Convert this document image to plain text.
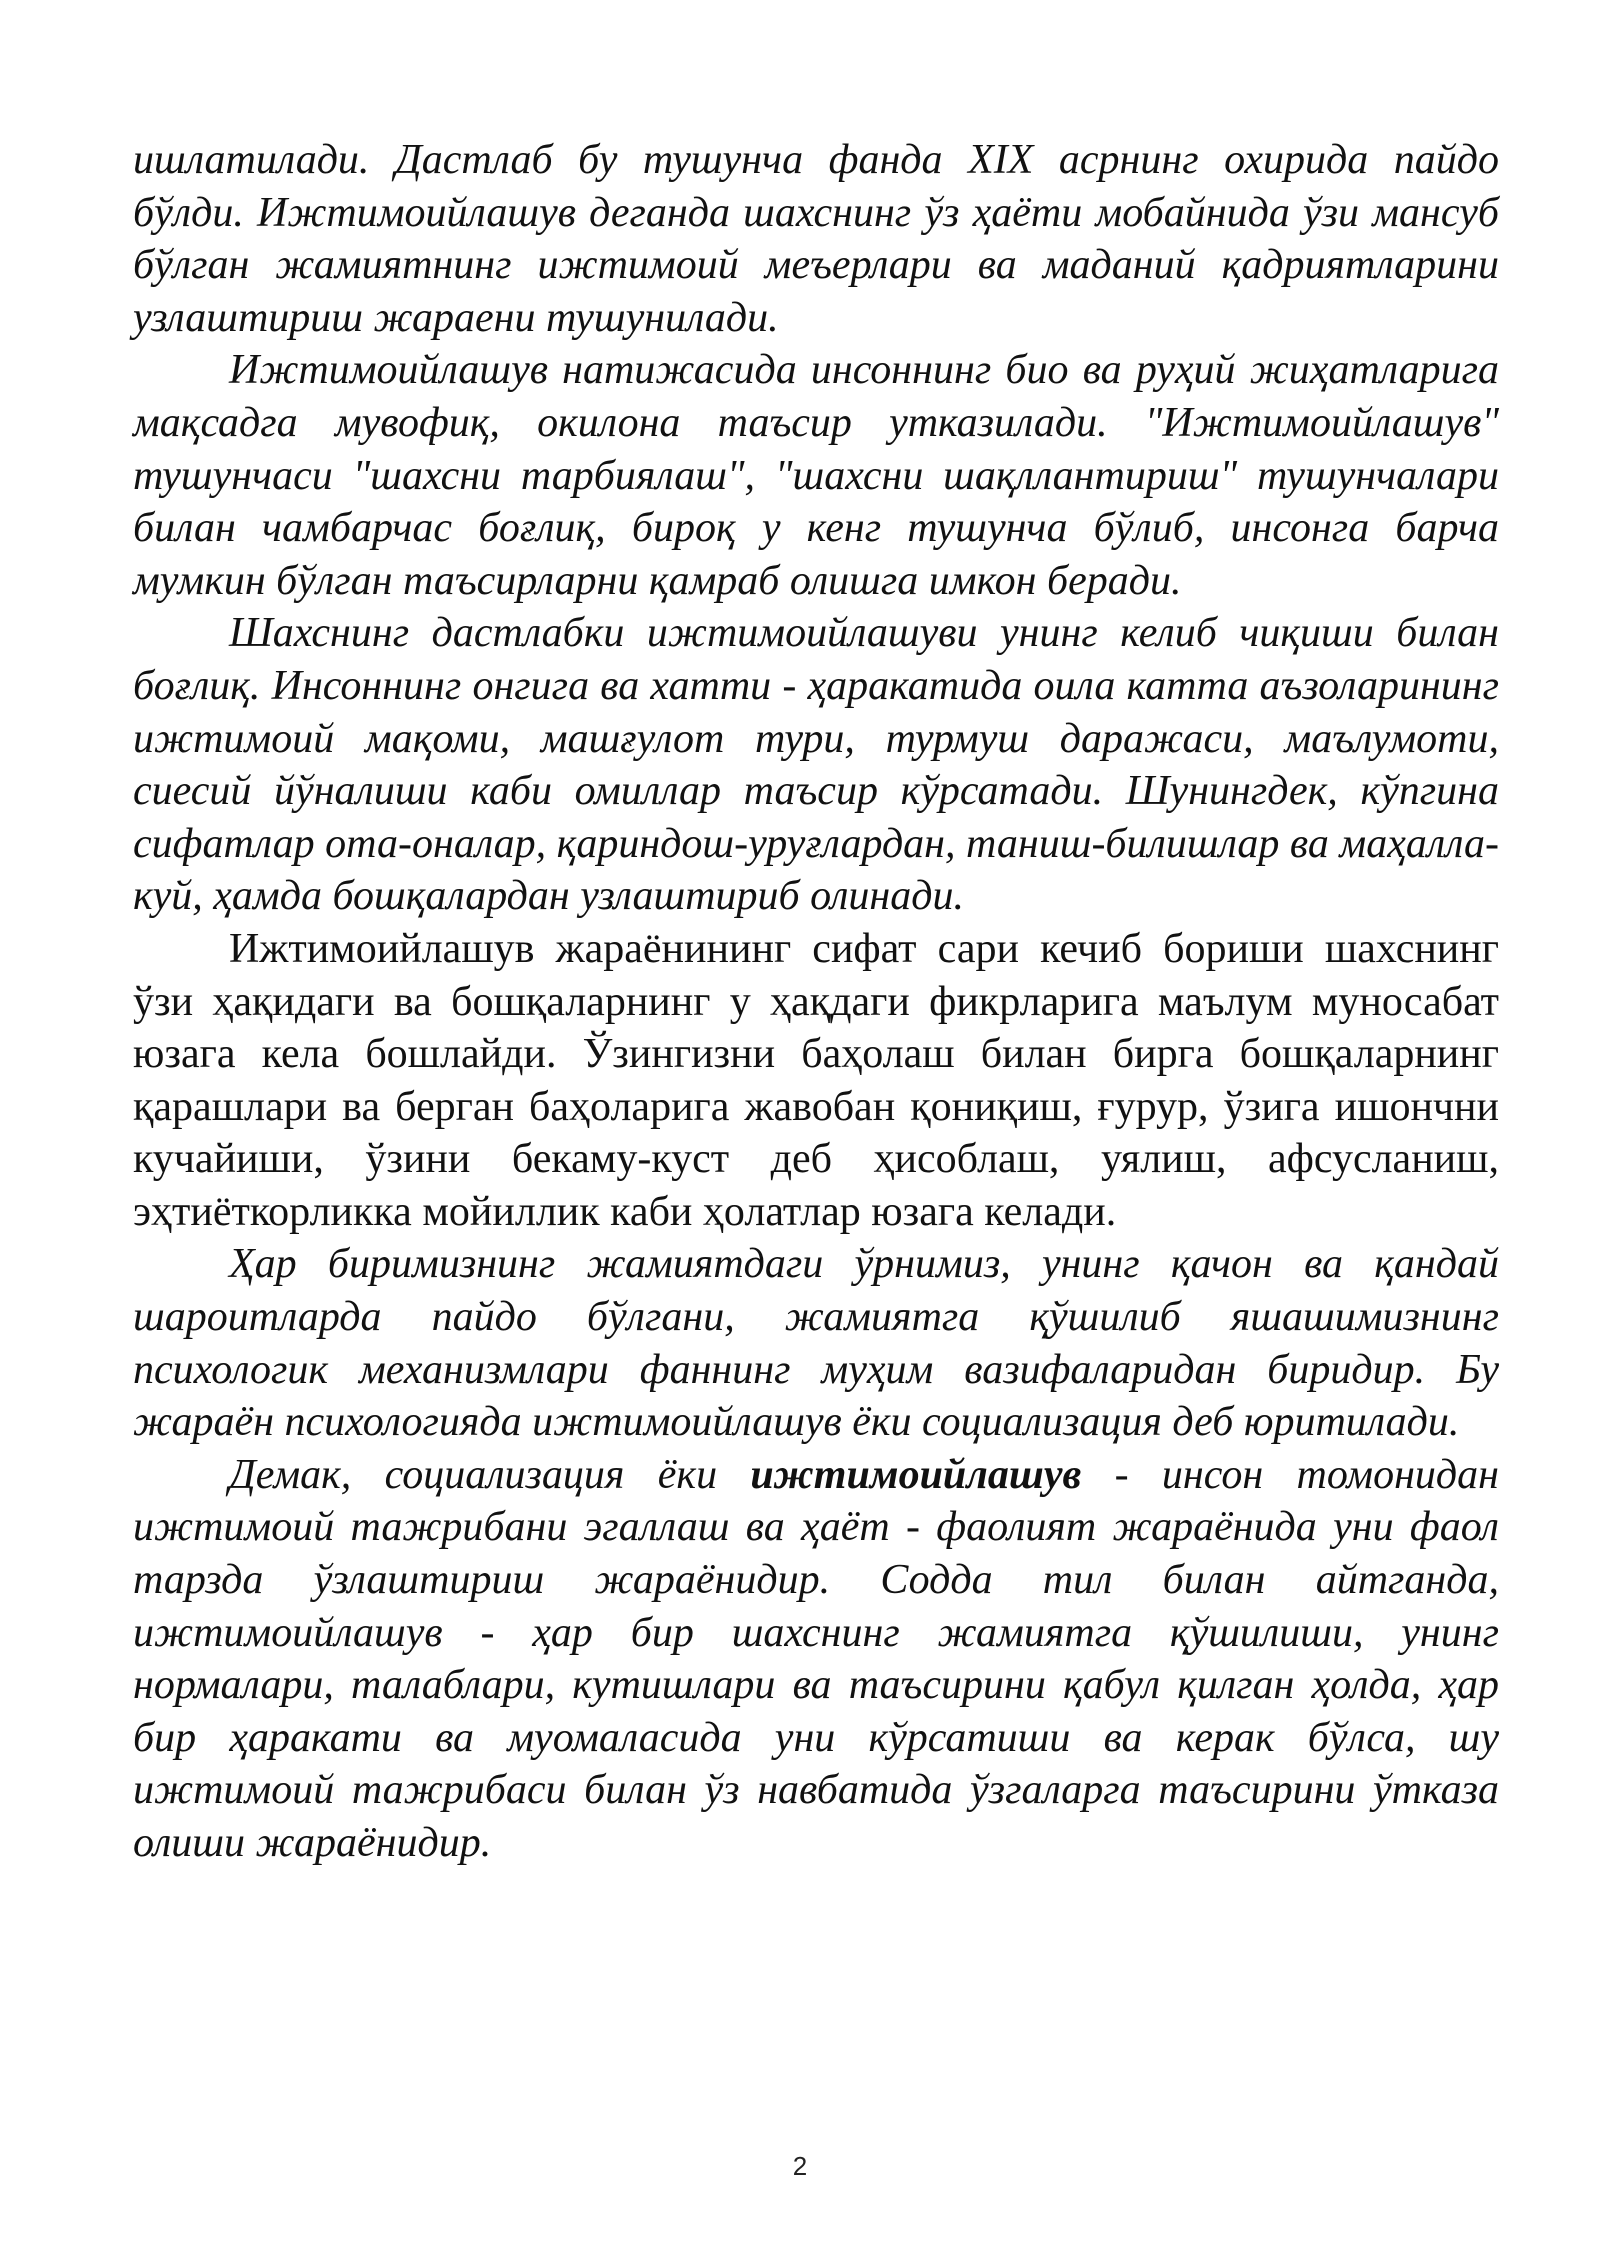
ишлатилади. Дастлаб бу тушунча фанда XIX асрнинг охирида пайдо бўлди. Ижтимоийлашув деганда шахснинг ўз ҳаёти мобайнида ўзи мансуб бўлган жамиятнинг ижтимоий меъерлари ва маданий қадриятларини узлаштириш жараени тушунилади.

Ижтимоийлашув натижасида инсоннинг био ва руҳий жиҳатларига мақсадга мувофиқ, окилона таъсир утказилади. "Ижтимоийлашув" тушунчаси "шахсни тарбиялаш", "шахсни шақллантириш" тушунчалари билан чамбарчас боғлиқ, бироқ у кенг тушунча бўлиб, инсонга барча мумкин бўлган таъсирларни қамраб олишга имкон беради.

Шахснинг дастлабки ижтимоийлашуви унинг келиб чиқиши билан боғлиқ. Инсоннинг онгига ва хатти - ҳаракатида оила катта аъзоларининг ижтимоий мақоми, машғулот тури, турмуш даражаси, маълумоти, сиесий йўналиши каби омиллар таъсир кўрсатади. Шунингдек, кўпгина сифатлар ота-оналар, қариндош-уруғлардан, таниш-билишлар ва маҳалла-куй, ҳамда бошқалардан узлаштириб олинади.

Ижтимоийлашув жараёнининг сифат сари кечиб бориши шахснинг ўзи ҳақидаги ва бошқаларнинг у ҳақдаги фикрларига маълум муносабат юзага кела бошлайди. Ўзингизни баҳолаш билан бирга бошқаларнинг қарашлари ва берган баҳоларига жавобан қониқиш, ғурур, ўзига ишончни кучайиши, ўзини бекаму-куст деб ҳисоблаш, уялиш, афсусланиш, эҳтиёткорликка мойиллик каби ҳолатлар юзага келади.

Ҳар биримизнинг жамиятдаги ўрнимиз, унинг қачон ва қандай шароитларда пайдо бўлгани, жамиятга қўшилиб яшашимизнинг психологик механизмлари фаннинг муҳим вазифаларидан биридир. Бу жараён психологияда ижтимоийлашув ёки социализация деб юритилади.

Демак, социализация ёки ижтимоийлашув - инсон томонидан ижтимоий тажрибани эгаллаш ва ҳаёт - фаолият жараёнида уни фаол тарзда ўзлаштириш жараёнидир. Содда тил билан айтганда, ижтимоийлашув - ҳар бир шахснинг жамиятга қўшилиши, унинг нормалари, талаблари, кутишлари ва таъсирини қабул қилган ҳолда, ҳар бир ҳаракати ва муомаласида уни кўрсатиши ва керак бўлса, шу ижтимоий тажрибаси билан ўз навбатида ўзгаларга таъсирини ўтказа олиши жараёнидир.

2
